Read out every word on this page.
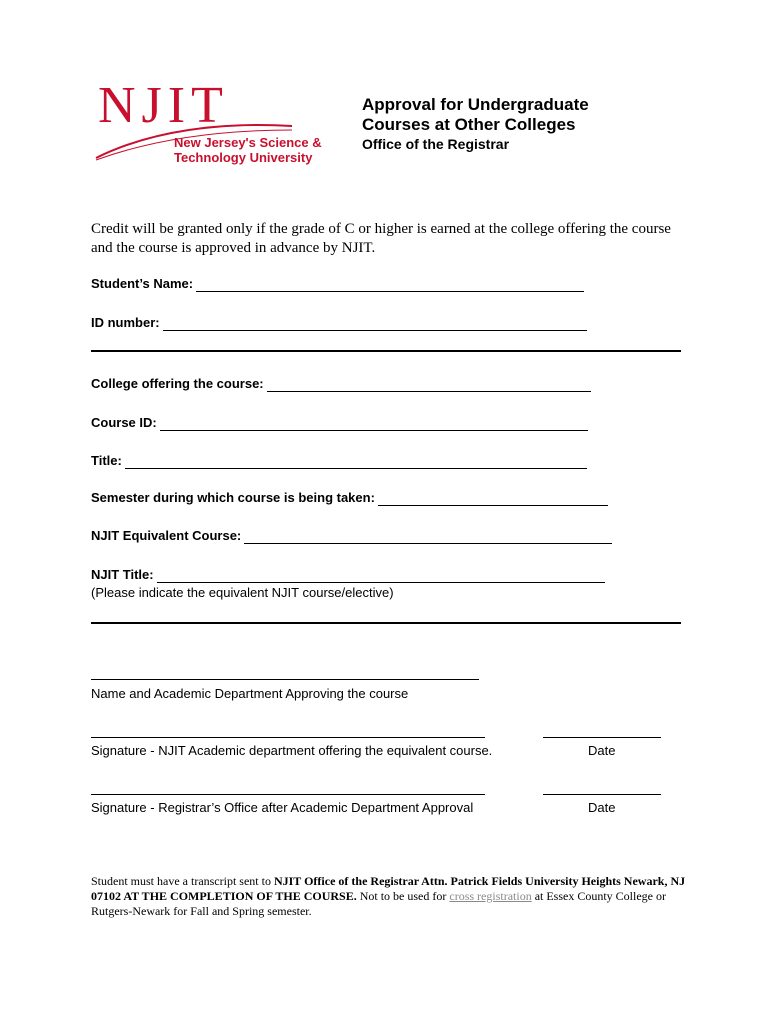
NJIT
New Jersey's Science &
Technology University
Approval for Undergraduate
Courses at Other Colleges
Office of the Registrar
Credit will be granted only if the grade of C or higher is earned at the college offering the course and the course is approved in advance by NJIT.
Student’s Name:
ID number:
College offering the course:
Course ID:
Title:
Semester during which course is being taken:
NJIT Equivalent Course:
NJIT Title:
(Please indicate the equivalent NJIT course/elective)
Name and Academic Department Approving the course
Signature - NJIT Academic department offering the equivalent course.	Date
Signature - Registrar’s Office after Academic Department Approval	Date
Student must have a transcript sent to NJIT Office of the Registrar Attn. Patrick Fields University Heights Newark, NJ 07102 AT THE COMPLETION OF THE COURSE. Not to be used for cross registration at Essex County College or Rutgers-Newark for Fall and Spring semester.
